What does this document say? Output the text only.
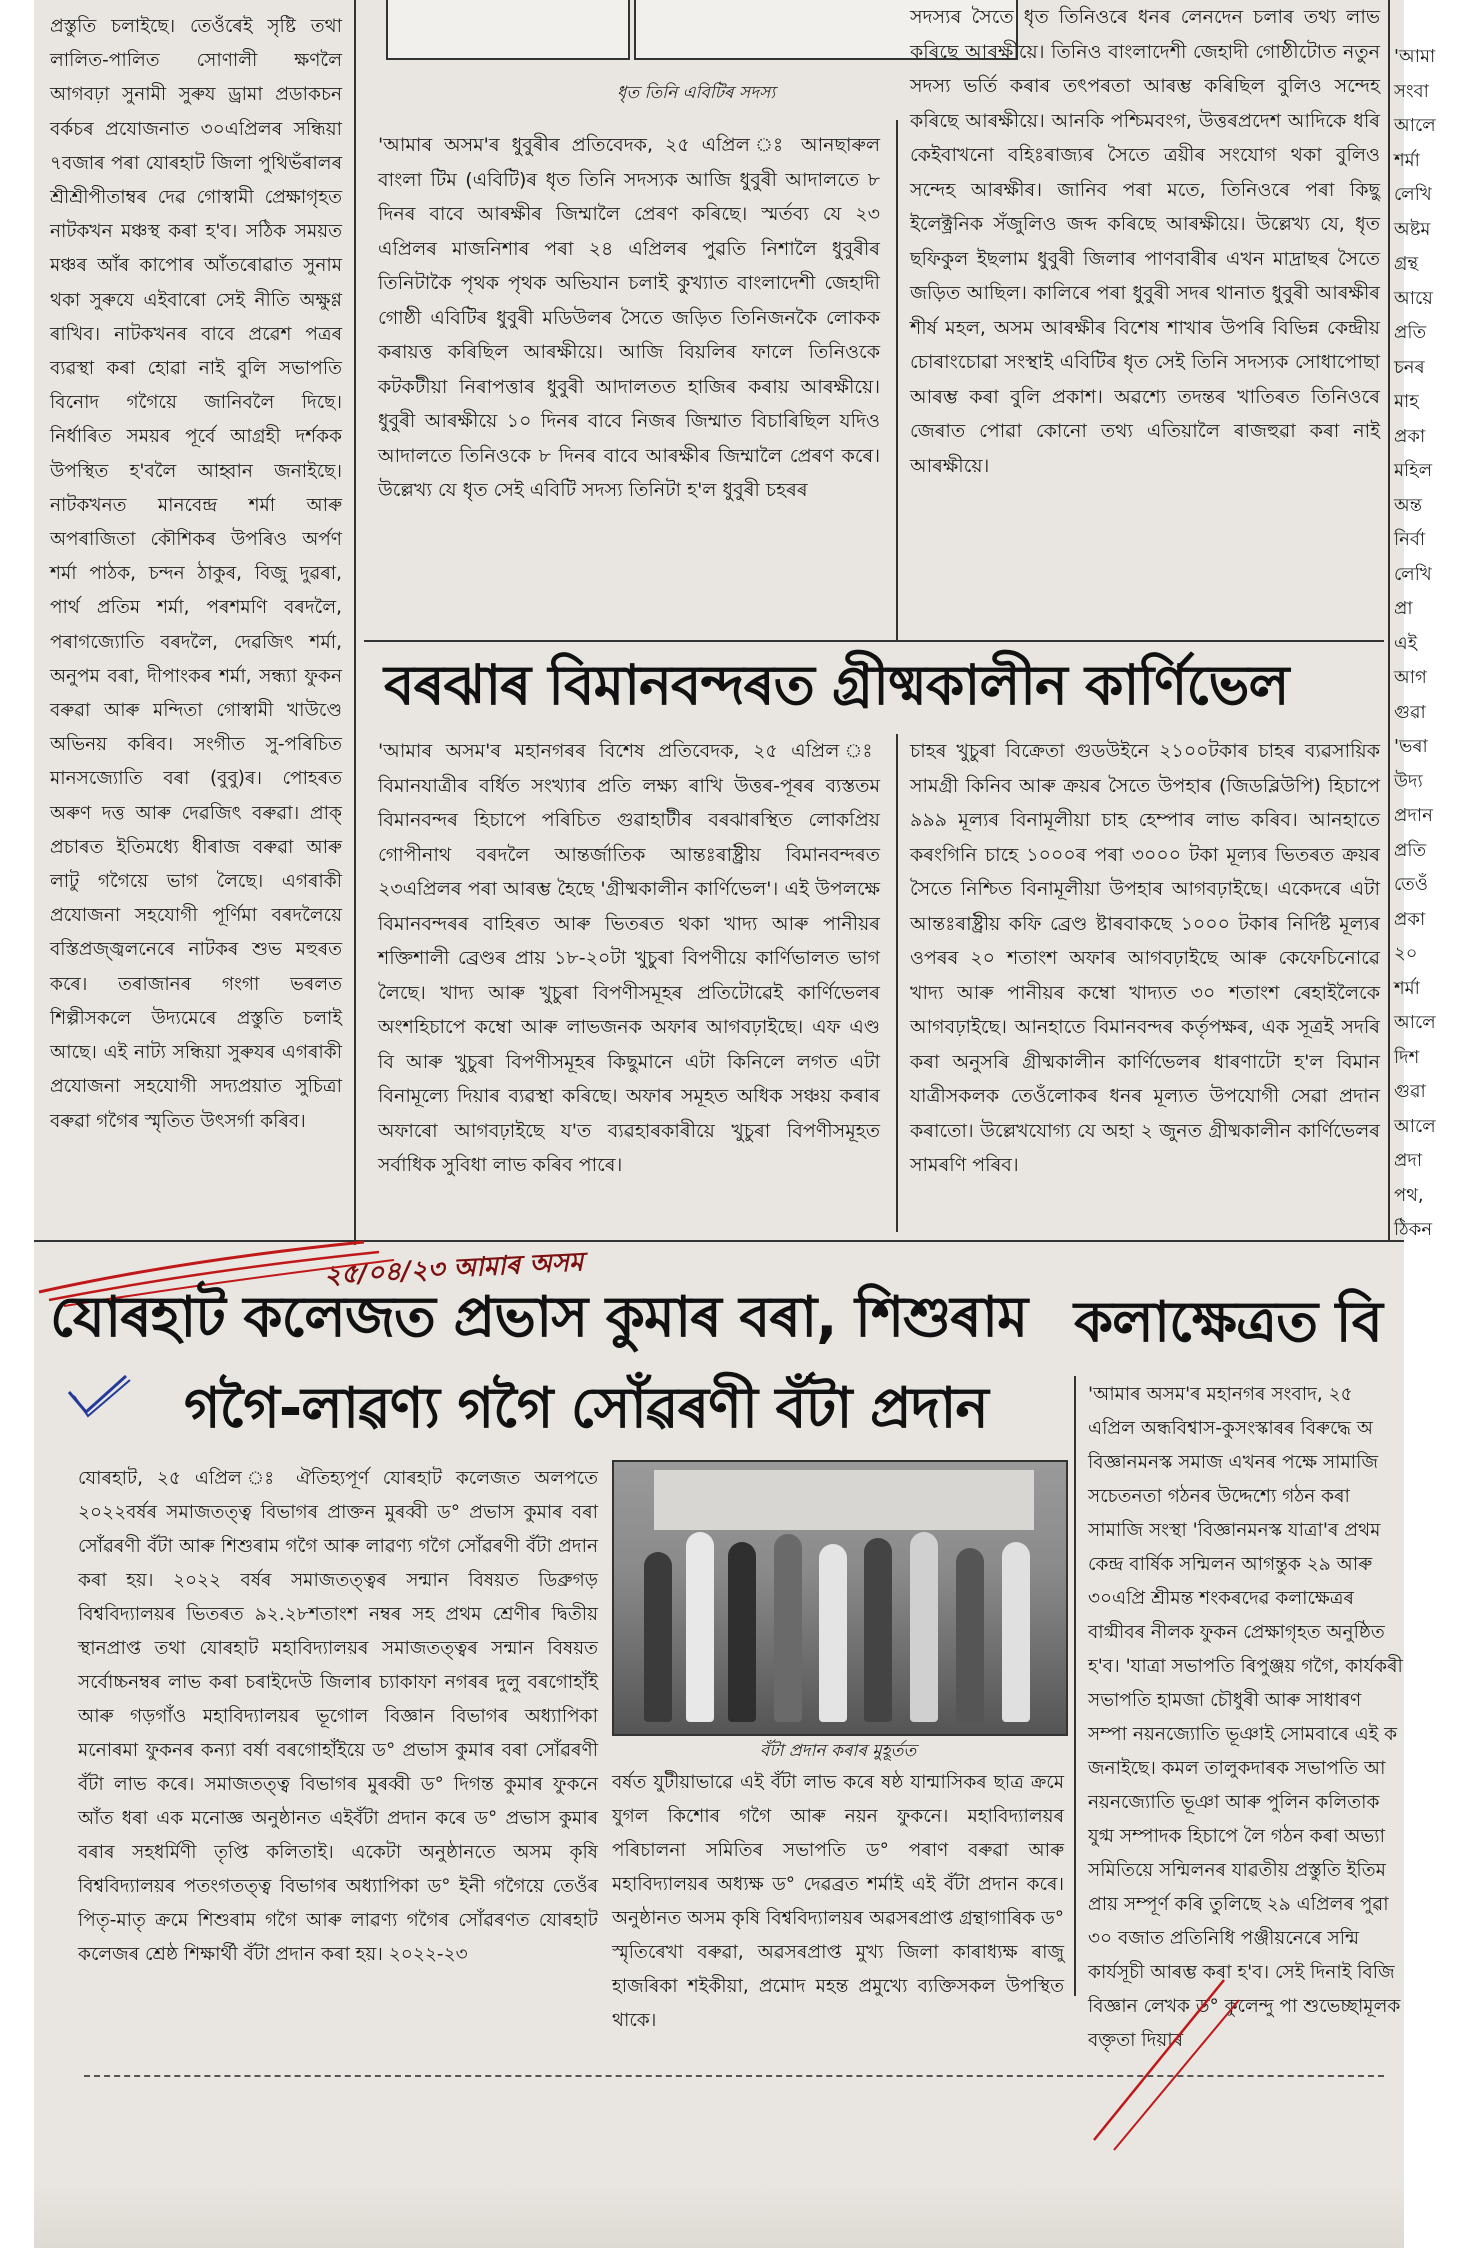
প্ৰস্তুতি চলাইছে। তেওঁৰেই সৃষ্টি তথা লালিত-পালিত সোণালী ক্ষণলৈ আগবঢ়া সুনামী সুৰুয ড্ৰামা প্ৰডাকচন বৰ্কচৰ প্ৰযোজনাত ৩০এপ্ৰিলৰ সন্ধিয়া ৭বজাৰ পৰা যোৰহাট জিলা পুথিভঁৰালৰ শ্ৰীশ্ৰীপীতাম্বৰ দেৱ গোস্বামী প্ৰেক্ষাগৃহত নাটকখন মঞ্চস্থ কৰা হ'ব। সঠিক সময়ত মঞ্চৰ আঁৰ কাপোৰ আঁতৰোৱাত সুনাম থকা সুৰুযে এইবাৰো সেই নীতি অক্ষুণ্ণ ৰাখিব। নাটকখনৰ বাবে প্ৰৱেশ পত্ৰৰ ব্যৱস্থা কৰা হোৱা নাই বুলি সভাপতি বিনোদ গগৈয়ে জানিবলৈ দিছে। নিৰ্ধাৰিত সময়ৰ পূৰ্বে আগ্ৰহী দৰ্শকক উপস্থিত হ'বলৈ আহ্বান জনাইছে। নাটকখনত মানবেন্দ্ৰ শৰ্মা আৰু অপৰাজিতা কৌশিকৰ উপৰিও অৰ্পণ শৰ্মা পাঠক, চন্দন ঠাকুৰ, বিজু দুৱৰা, পাৰ্থ প্ৰতিম শৰ্মা, পৰশমণি বৰদলৈ, পৰাগজ্যোতি বৰদলৈ, দেৱজিৎ শৰ্মা, অনুপম বৰা, দীপাংকৰ শৰ্মা, সন্ধ্যা ফুকন বৰুৱা আৰু মন্দিতা গোস্বামী খাউণ্ডে অভিনয় কৰিব। সংগীত সু-পৰিচিত মানসজ্যোতি বৰা (বুবু)ৰ। পোহৰত অৰুণ দত্ত আৰু দেৱজিৎ বৰুৱা। প্ৰাক্ প্ৰচাৰত ইতিমধ্যে ধীৰাজ বৰুৱা আৰু লাটু গগৈয়ে ভাগ লৈছে। এগৰাকী প্ৰযোজনা সহযোগী পূৰ্ণিমা বৰদলৈয়ে বস্তিপ্ৰজ্জ্বলনেৰে নাটকৰ শুভ মহুৰত কৰে। তৰাজানৰ গংগা ভৰলত শিল্পীসকলে উদ্যমেৰে প্ৰস্তুতি চলাই আছে। এই নাট্য সন্ধিয়া সুৰুযৰ এগৰাকী প্ৰযোজনা সহযোগী সদ্যপ্ৰয়াত সুচিত্ৰা বৰুৱা গগৈৰ স্মৃতিত উৎসৰ্গা কৰিব।
ধৃত তিনি এবিটিৰ সদস্য
'আমাৰ অসম'ৰ ধুবুৰীৰ প্ৰতিবেদক, ২৫ এপ্ৰিল ঃ আনছাৰুল বাংলা টিম (এবিটি)ৰ ধৃত তিনি সদস্যক আজি ধুবুৰী আদালতে ৮ দিনৰ বাবে আৰক্ষীৰ জিম্মালৈ প্ৰেৰণ কৰিছে। স্মৰ্তব্য যে ২৩ এপ্ৰিলৰ মাজনিশাৰ পৰা ২৪ এপ্ৰিলৰ পুৱতি নিশালৈ ধুবুৰীৰ তিনিটাকৈ পৃথক পৃথক অভিযান চলাই কুখ্যাত বাংলাদেশী জেহাদী গোষ্ঠী এবিটিৰ ধুবুৰী মডিউলৰ সৈতে জড়িত তিনিজনকৈ লোকক কৰায়ত্ত কৰিছিল আৰক্ষীয়ে। আজি বিয়লিৰ ফালে তিনিওকে কটকটীয়া নিৰাপত্তাৰ ধুবুৰী আদালতত হাজিৰ কৰায় আৰক্ষীয়ে। ধুবুৰী আৰক্ষীয়ে ১০ দিনৰ বাবে নিজৰ জিম্মাত বিচাৰিছিল যদিও আদালতে তিনিওকে ৮ দিনৰ বাবে আৰক্ষীৰ জিম্মালৈ প্ৰেৰণ কৰে। উল্লেখ্য যে ধৃত সেই এবিটি সদস্য তিনিটা হ'ল ধুবুৰী চহৰৰ
সদস্যৰ সৈতে ধৃত তিনিওৰে ধনৰ লেনদেন চলাৰ তথ্য লাভ কৰিছে আৰক্ষীয়ে। তিনিও বাংলাদেশী জেহাদী গোষ্ঠীটোত নতুন সদস্য ভৰ্তি কৰাৰ তৎপৰতা আৰম্ভ কৰিছিল বুলিও সন্দেহ কৰিছে আৰক্ষীয়ে। আনকি পশ্চিমবংগ, উত্তৰপ্ৰদেশ আদিকে ধৰি কেইবাখনো বহিঃৰাজ্যৰ সৈতে ত্ৰয়ীৰ সংযোগ থকা বুলিও সন্দেহ আৰক্ষীৰ। জানিব পৰা মতে, তিনিওৰে পৰা কিছু ইলেক্ট্ৰনিক সঁজুলিও জব্দ কৰিছে আৰক্ষীয়ে। উল্লেখ্য যে, ধৃত ছফিকুল ইছলাম ধুবুৰী জিলাৰ পাণবাৰীৰ এখন মাদ্ৰাছৰ সৈতে জড়িত আছিল। কালিৰে পৰা ধুবুৰী সদৰ থানাত ধুবুৰী আৰক্ষীৰ শীৰ্ষ মহল, অসম আৰক্ষীৰ বিশেষ শাখাৰ উপৰি বিভিন্ন কেন্দ্ৰীয় চোৰাংচোৱা সংস্থাই এবিটিৰ ধৃত সেই তিনি সদস্যক সোধাপোছা আৰম্ভ কৰা বুলি প্ৰকাশ। অৱশ্যে তদন্তৰ খাতিৰত তিনিওৰে জেৰাত পোৱা কোনো তথ্য এতিয়ালৈ ৰাজহুৱা কৰা নাই আৰক্ষীয়ে।
বৰঝাৰ বিমানবন্দৰত গ্ৰীষ্মকালীন কাৰ্ণিভেল
'আমাৰ অসম'ৰ মহানগৰৰ বিশেষ প্ৰতিবেদক, ২৫ এপ্ৰিল ঃ বিমানযাত্ৰীৰ বৰ্ধিত সংখ্যাৰ প্ৰতি লক্ষ্য ৰাখি উত্তৰ-পূৰৰ ব্যস্ততম বিমানবন্দৰ হিচাপে পৰিচিত গুৱাহাটীৰ বৰঝাৰস্থিত লোকপ্ৰিয় গোপীনাথ বৰদলৈ আন্তৰ্জাতিক আন্তঃৰাষ্ট্ৰীয় বিমানবন্দৰত ২৩এপ্ৰিলৰ পৰা আৰম্ভ হৈছে 'গ্ৰীষ্মকালীন কাৰ্ণিভেল'। এই উপলক্ষে বিমানবন্দৰৰ বাহিৰত আৰু ভিতৰত থকা খাদ্য আৰু পানীয়ৰ শক্তিশালী ব্ৰেণ্ডৰ প্ৰায় ১৮-২০টা খুচুৰা বিপণীয়ে কাৰ্ণিভালত ভাগ লৈছে। খাদ্য আৰু খুচুৰা বিপণীসমূহৰ প্ৰতিটোৱেই কাৰ্ণিভেলৰ অংশহিচাপে কম্বো আৰু লাভজনক অফাৰ আগবঢ়াইছে। এফ এণ্ড বি আৰু খুচুৰা বিপণীসমূহৰ কিছুমানে এটা কিনিলে লগত এটা বিনামূল্যে দিয়াৰ ব্যৱস্থা কৰিছে। অফাৰ সমূহত অধিক সঞ্চয় কৰাৰ অফাৰো আগবঢ়াইছে য'ত ব্যৱহাৰকাৰীয়ে খুচুৰা বিপণীসমূহত সৰ্বাধিক সুবিধা লাভ কৰিব পাৰে।
চাহৰ খুচুৰা বিক্ৰেতা গুডউইনে ২১০০টকাৰ চাহৰ ব্যৱসায়িক সামগ্ৰী কিনিব আৰু ক্ৰয়ৰ সৈতে উপহাৰ (জিডব্লিউপি) হিচাপে ৯৯৯ মূল্যৰ বিনামূলীয়া চাহ হেম্পাৰ লাভ কৰিব। আনহাতে কৰংগিনি চাহে ১০০০ৰ পৰা ৩০০০ টকা মূল্যৰ ভিতৰত ক্ৰয়ৰ সৈতে নিশ্চিত বিনামূলীয়া উপহাৰ আগবঢ়াইছে। একেদৰে এটা আন্তঃৰাষ্ট্ৰীয় কফি ব্ৰেণ্ড ষ্টাৰবাকছে ১০০০ টকাৰ নিৰ্দিষ্ট মূল্যৰ ওপৰৰ ২০ শতাংশ অফাৰ আগবঢ়াইছে আৰু কেফেচিনোৱে খাদ্য আৰু পানীয়ৰ কম্বো খাদ্যত ৩০ শতাংশ ৰেহাইলৈকে আগবঢ়াইছে। আনহাতে বিমানবন্দৰ কৰ্তৃপক্ষৰ, এক সূত্ৰই সদৰি কৰা অনুসৰি গ্ৰীষ্মকালীন কাৰ্ণিভেলৰ ধাৰণাটো হ'ল বিমান যাত্ৰীসকলক তেওঁলোকৰ ধনৰ মূল্যত উপযোগী সেৱা প্ৰদান কৰাতো। উল্লেখযোগ্য যে অহা ২ জুনত গ্ৰীষ্মকালীন কাৰ্ণিভেলৰ সামৰণি পৰিব।
'আমা সংবা আলে শৰ্মা লেখি অষ্টম গ্ৰন্থ আয়ে প্ৰতি চনৰ মাহ প্ৰকা মহিল অন্ত নিৰ্বা লেখি প্ৰা এই আগ গুৱা 'ভৰা উদ্য প্ৰদান প্ৰতি তেওঁ প্ৰকা ২০ শৰ্মা আলে দিশ গুৱা আলে প্ৰদা পথ, ঠিকন
২৫/০৪/২৩ আমাৰ অসম
যোৰহাট কলেজত প্ৰভাস কুমাৰ বৰা, শিশুৰাম
গগৈ-লাৱণ্য গগৈ সোঁৱৰণী বঁটা প্ৰদান
কলাক্ষেত্ৰত বি
যোৰহাট, ২৫ এপ্ৰিল ঃ ঐতিহ্যপূৰ্ণ যোৰহাট কলেজত অলপতে ২০২২বৰ্ষৰ সমাজতত্ত্ব বিভাগৰ প্ৰাক্তন মুৰব্বী ড° প্ৰভাস কুমাৰ বৰা সোঁৱৰণী বঁটা আৰু শিশুৰাম গগৈ আৰু লাৱণ্য গগৈ সোঁৱৰণী বঁটা প্ৰদান কৰা হয়। ২০২২ বৰ্ষৰ সমাজতত্ত্বৰ সন্মান বিষয়ত ডিব্ৰুগড় বিশ্ববিদ্যালয়ৰ ভিতৰত ৯২.২৮শতাংশ নম্বৰ সহ প্ৰথম শ্ৰেণীৰ দ্বিতীয় স্থানপ্ৰাপ্ত তথা যোৰহাট মহাবিদ্যালয়ৰ সমাজতত্ত্বৰ সন্মান বিষয়ত সৰ্বোচ্চনম্বৰ লাভ কৰা চৰাইদেউ জিলাৰ চ্যাকাফা নগৰৰ দুলু বৰগোহাঁই আৰু গড়গাঁও মহাবিদ্যালয়ৰ ভূগোল বিজ্ঞান বিভাগৰ অধ্যাপিকা মনোৰমা ফুকনৰ কন্যা বৰ্ষা বৰগোহাঁইয়ে ড° প্ৰভাস কুমাৰ বৰা সোঁৱৰণী বঁটা লাভ কৰে। সমাজতত্ত্ব বিভাগৰ মুৰব্বী ড° দিগন্ত কুমাৰ ফুকনে আঁত ধৰা এক মনোজ্ঞ অনুষ্ঠানত এইবঁটা প্ৰদান কৰে ড° প্ৰভাস কুমাৰ বৰাৰ সহধৰ্মিণী তৃপ্তি কলিতাই। একেটা অনুষ্ঠানতে অসম কৃষি বিশ্ববিদ্যালয়ৰ পতংগতত্ত্ব বিভাগৰ অধ্যাপিকা ড° ইনী গগৈয়ে তেওঁৰ পিতৃ-মাতৃ ক্ৰমে শিশুৰাম গগৈ আৰু লাৱণ্য গগৈৰ সোঁৱৰণত যোৰহাট কলেজৰ শ্ৰেষ্ঠ শিক্ষাৰ্থী বঁটা প্ৰদান কৰা হয়। ২০২২-২৩
বঁটা প্ৰদান কৰাৰ মুহূৰ্তত
বৰ্ষত যুটীয়াভাৱে এই বঁটা লাভ কৰে ষষ্ঠ যান্মাসিকৰ ছাত্ৰ ক্ৰমে যুগল কিশোৰ গগৈ আৰু নয়ন ফুকনে। মহাবিদ্যালয়ৰ পৰিচালনা সমিতিৰ সভাপতি ড° পৰাণ বৰুৱা আৰু মহাবিদ্যালয়ৰ অধ্যক্ষ ড° দেৱব্ৰত শৰ্মাই এই বঁটা প্ৰদান কৰে। অনুষ্ঠানত অসম কৃষি বিশ্ববিদ্যালয়ৰ অৱসৰপ্ৰাপ্ত গ্ৰন্থাগাৰিক ড° স্মৃতিৰেখা বৰুৱা, অৱসৰপ্ৰাপ্ত মুখ্য জিলা কাৰাধ্যক্ষ ৰাজু হাজৰিকা শইকীয়া, প্ৰমোদ মহন্ত প্ৰমুখ্যে ব্যক্তিসকল উপস্থিত থাকে।
'আমাৰ অসম'ৰ মহানগৰ সংবাদ, ২৫ এপ্ৰিল অন্ধবিশ্বাস-কুসংস্কাৰৰ বিৰুদ্ধে অ বিজ্ঞানমনস্ক সমাজ এখনৰ পক্ষে সামাজি সচেতনতা গঠনৰ উদ্দেশ্যে গঠন কৰা সামাজি সংস্থা 'বিজ্ঞানমনস্ক যাত্ৰা'ৰ প্ৰথম কেন্দ্ৰ বাৰ্ষিক সন্মিলন আগন্তুক ২৯ আৰু ৩০এপ্ৰি শ্ৰীমন্ত শংকৰদেৱ কলাক্ষেত্ৰৰ বাগ্মীবৰ নীলক ফুকন প্ৰেক্ষাগৃহত অনুষ্ঠিত হ'ব। 'যাত্ৰা সভাপতি ৰিপুঞ্জয় গগৈ, কাৰ্যকৰী সভাপতি হামজা চৌধুৰী আৰু সাধাৰণ সম্পা নয়নজ্যোতি ভূঞাই সোমবাৰে এই ক জনাইছে। কমল তালুকদাৰক সভাপতি আ নয়নজ্যোতি ভূঞা আৰু পুলিন কলিতাক যুগ্ম সম্পাদক হিচাপে লৈ গঠন কৰা অভ্যা সমিতিয়ে সন্মিলনৰ যাৱতীয় প্ৰস্তুতি ইতিম প্ৰায় সম্পূৰ্ণ কৰি তুলিছে ২৯ এপ্ৰিলৰ পুৱা ৩০ বজাত প্ৰতিনিধি পঞ্জীয়নেৰে সন্মি কাৰ্যসূচী আৰম্ভ কৰা হ'ব। সেই দিনাই বিজি বিজ্ঞান লেখক ড° কুলেন্দু পা শুভেচ্ছামূলক বক্তৃতা দিয়াৰ
